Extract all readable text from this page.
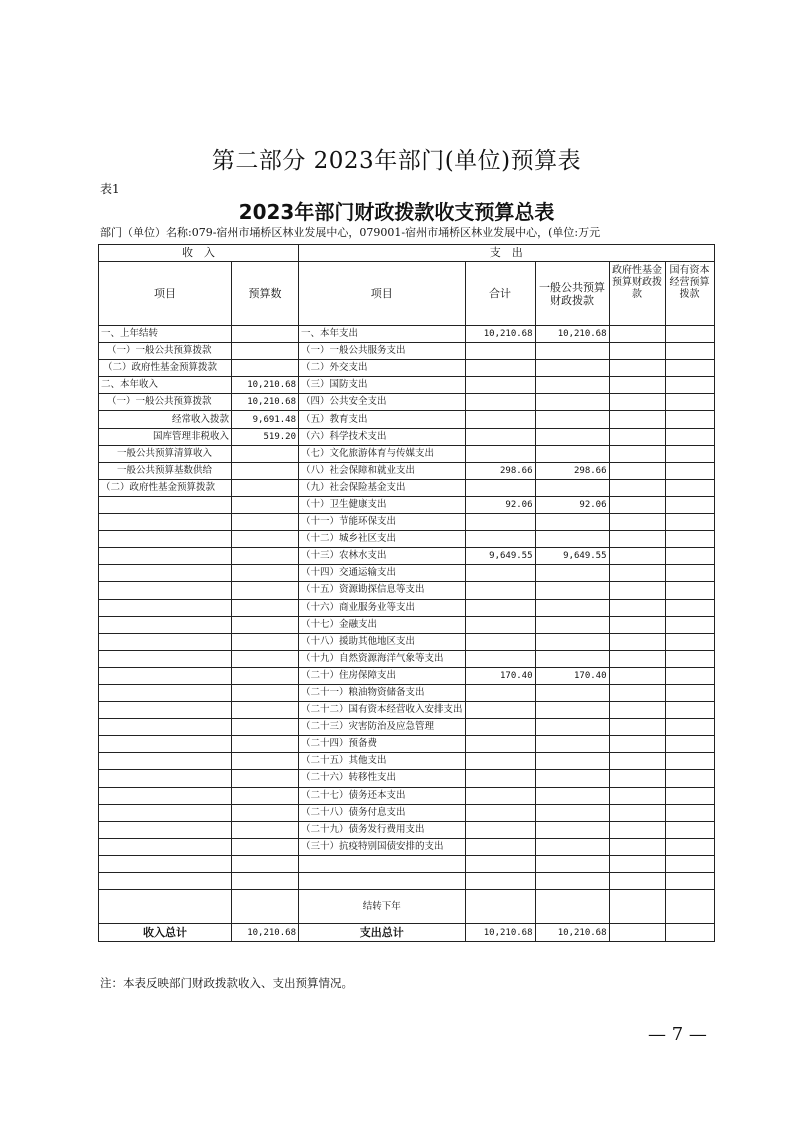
第二部分 2023年部门(单位)预算表
表1
2023年部门财政拨款收支预算总表
部门（单位）名称:079-宿州市埇桥区林业发展中心，079001-宿州市埇桥区林业发展中心，(单位:万元
收　入		支　出				
项目	预算数	项目	合计	一般公共预算财政拨款	政府性基金预算财政拨款	国有资本经营预算拨款
一、上年结转		一、本年支出	10,210.68	10,210.68		
（一）一般公共预算拨款		（一）一般公共服务支出				
（二）政府性基金预算拨款		（二）外交支出				
二、本年收入	10,210.68	（三）国防支出				
（一）一般公共预算拨款	10,210.68	（四）公共安全支出				
经常收入拨款	9,691.48	（五）教育支出				
国库管理非税收入	519.20	（六）科学技术支出				
一般公共预算清算收入		（七）文化旅游体育与传媒支出				
一般公共预算基数供给		（八）社会保障和就业支出	298.66	298.66		
（二）政府性基金预算拨款		（九）社会保险基金支出				
		（十）卫生健康支出	92.06	92.06		
		（十一）节能环保支出				
		（十二）城乡社区支出				
		（十三）农林水支出	9,649.55	9,649.55		
		（十四）交通运输支出				
		（十五）资源勘探信息等支出				
		（十六）商业服务业等支出				
		（十七）金融支出				
		（十八）援助其他地区支出				
		（十九）自然资源海洋气象等支出				
		（二十）住房保障支出	170.40	170.40		
		（二十一）粮油物资储备支出				
		（二十二）国有资本经营收入安排支出				
		（二十三）灾害防治及应急管理				
		（二十四）预备费				
		（二十五）其他支出				
		（二十六）转移性支出				
		（二十七）债务还本支出				
		（二十八）债务付息支出				
		（二十九）债务发行费用支出				
		（三十）抗疫特别国债安排的支出				

		结转下年				
收入总计	10,210.68	支出总计	10,210.68	10,210.68		
注：本表反映部门财政拨款收入、支出预算情况。
— 7 —
